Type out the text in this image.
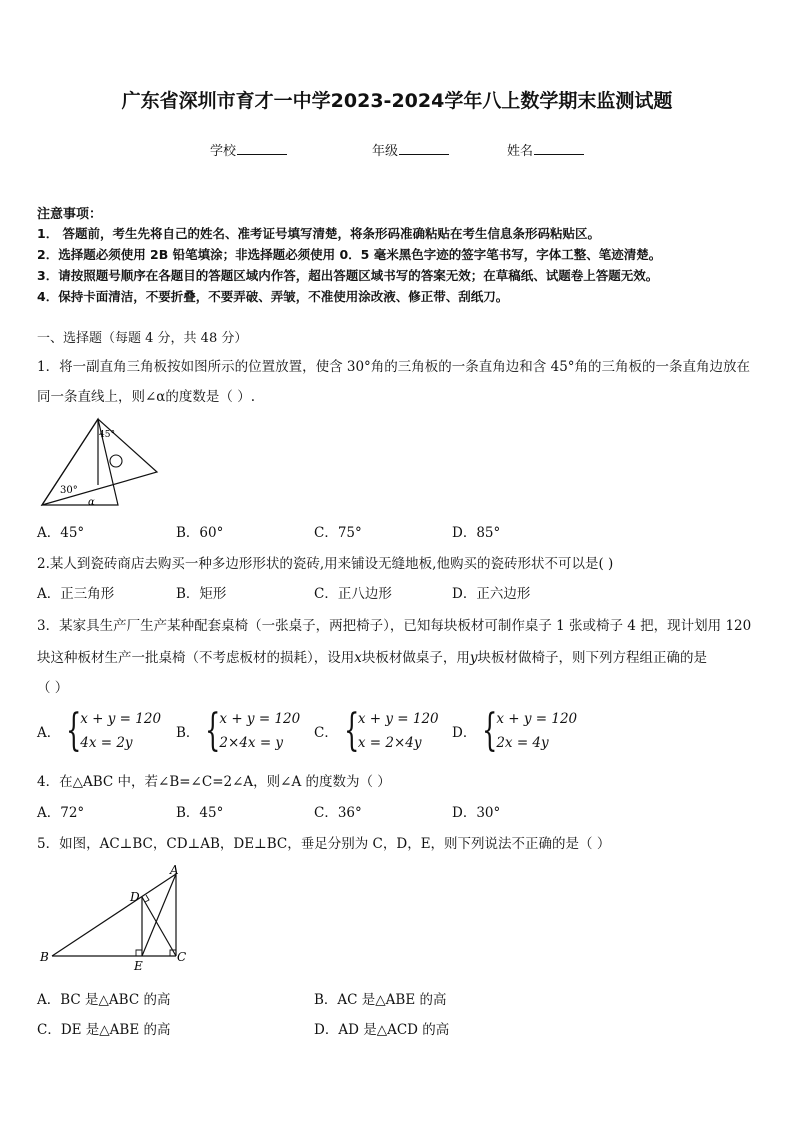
广东省深圳市育才一中学2023-2024学年八上数学期末监测试题
学校	年级	姓名
注意事项：
1． 答题前，考生先将自己的姓名、准考证号填写清楚，将条形码准确粘贴在考生信息条形码粘贴区。
2．选择题必须使用 2B 铅笔填涂；非选择题必须使用 0．5 毫米黑色字迹的签字笔书写，字体工整、笔迹清楚。
3．请按照题号顺序在各题目的答题区域内作答，超出答题区域书写的答案无效；在草稿纸、试题卷上答题无效。
4．保持卡面清洁，不要折叠，不要弄破、弄皱，不准使用涂改液、修正带、刮纸刀。
一、选择题（每题 4 分，共 48 分）
1．将一副直角三角板按如图所示的位置放置，使含 30°角的三角板的一条直角边和含 45°角的三角板的一条直角边放在
同一条直线上，则∠α的度数是（ ）.
45°
30°
α
A．45°	B．60°	C．75°	D．85°
2.某人到瓷砖商店去购买一种多边形形状的瓷砖,用来铺设无缝地板,他购买的瓷砖形状不可以是( )
A．正三角形	B．矩形	C．正八边形	D．正六边形
3．某家具生产厂生产某种配套桌椅（一张桌子，两把椅子），已知每块板材可制作桌子 1 张或椅子 4 把，现计划用 120
块这种板材生产一批桌椅（不考虑板材的损耗），设用x块板材做桌子，用y块板材做椅子，则下列方程组正确的是
（ ）
A． {
x + y = 120
4x = 2y
B． {
x + y = 120
2×4x = y
C． {
x + y = 120
x = 2×4y
D． {
x + y = 120
2x = 4y
4．在△ABC 中，若∠B=∠C=2∠A，则∠A 的度数为（ ）
A．72°	B．45°	C．36°	D．30°
5．如图，AC⊥BC，CD⊥AB，DE⊥BC，垂足分别为 C，D，E，则下列说法不正确的是（ ）
A
B	C
D
E
A．BC 是△ABC 的高	B．AC 是△ABE 的高
C．DE 是△ABE 的高	D．AD 是△ACD 的高
